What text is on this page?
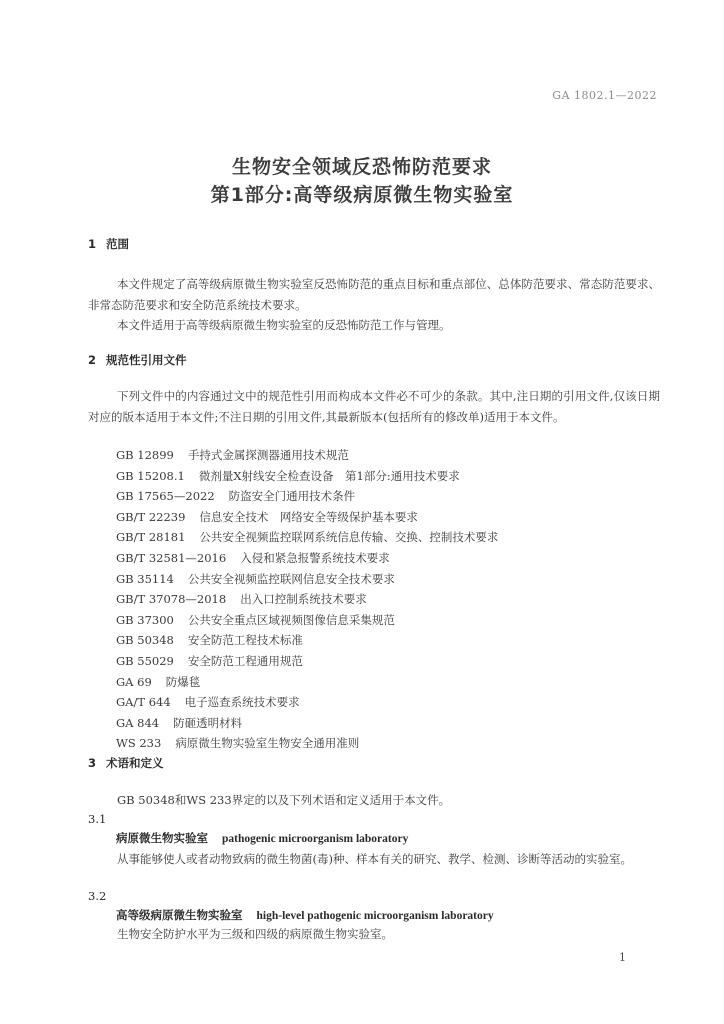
GA 1802.1—2022
生物安全领域反恐怖防范要求
第1部分:高等级病原微生物实验室
1 范围
本文件规定了高等级病原微生物实验室反恐怖防范的重点目标和重点部位、总体防范要求、常态防范要求、非常态防范要求和安全防范系统技术要求。
本文件适用于高等级病原微生物实验室的反恐怖防范工作与管理。
2 规范性引用文件
下列文件中的内容通过文中的规范性引用而构成本文件必不可少的条款。其中,注日期的引用文件,仅该日期对应的版本适用于本文件;不注日期的引用文件,其最新版本(包括所有的修改单)适用于本文件。
GB 12899 手持式金属探测器通用技术规范
GB 15208.1 微剂量X射线安全检查设备　第1部分:通用技术要求
GB 17565—2022 防盗安全门通用技术条件
GB/T 22239 信息安全技术　网络安全等级保护基本要求
GB/T 28181 公共安全视频监控联网系统信息传输、交换、控制技术要求
GB/T 32581—2016 入侵和紧急报警系统技术要求
GB 35114 公共安全视频监控联网信息安全技术要求
GB/T 37078—2018 出入口控制系统技术要求
GB 37300 公共安全重点区域视频图像信息采集规范
GB 50348 安全防范工程技术标准
GB 55029 安全防范工程通用规范
GA 69 防爆毯
GA/T 644 电子巡查系统技术要求
GA 844 防砸透明材料
WS 233 病原微生物实验室生物安全通用准则
3 术语和定义
GB 50348和WS 233界定的以及下列术语和定义适用于本文件。
3.1
病原微生物实验室 pathogenic microorganism laboratory
从事能够使人或者动物致病的微生物菌(毒)种、样本有关的研究、教学、检测、诊断等活动的实验室。
3.2
高等级病原微生物实验室 high-level pathogenic microorganism laboratory
生物安全防护水平为三级和四级的病原微生物实验室。
1
